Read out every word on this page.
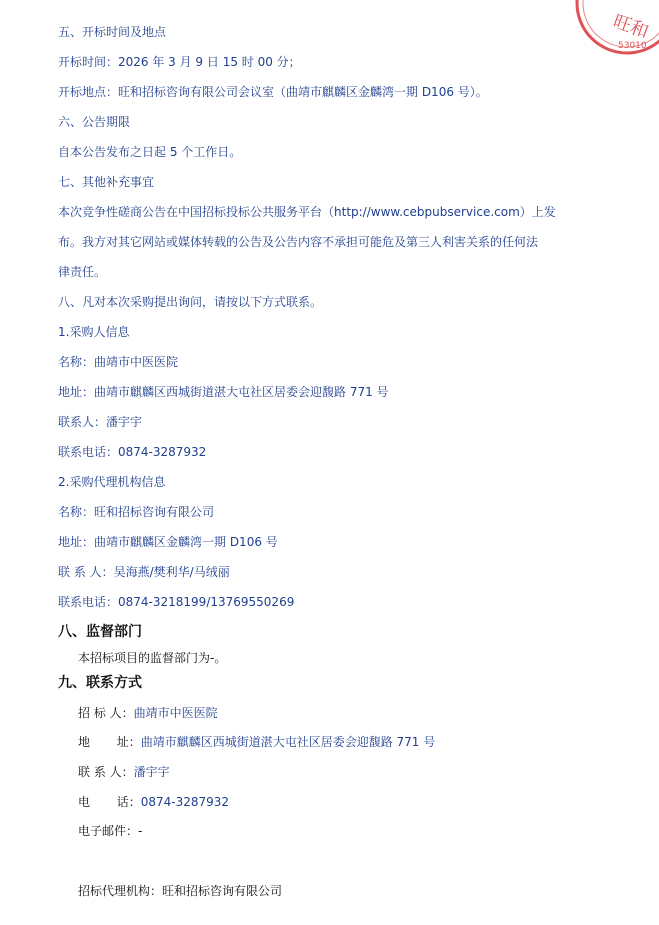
旺和
53010

五、开标时间及地点

开标时间：2026 年 3 月 9 日 15 时 00 分；

开标地点：旺和招标咨询有限公司会议室（曲靖市麒麟区金麟湾一期 D106 号）。

六、公告期限

自本公告发布之日起 5 个工作日。

七、其他补充事宜

本次竞争性磋商公告在中国招标投标公共服务平台（http://www.cebpubservice.com）上发

布。我方对其它网站或媒体转载的公告及公告内容不承担可能危及第三人利害关系的任何法

律责任。

八、凡对本次采购提出询问，请按以下方式联系。

1.采购人信息

名称：曲靖市中医医院

地址：曲靖市麒麟区西城街道湛大屯社区居委会迎馥路 771 号

联系人：潘宇宇

联系电话：0874-3287932

2.采购代理机构信息

名称：旺和招标咨询有限公司

地址：曲靖市麒麟区金麟湾一期 D106 号

联 系 人：吴海燕/樊利华/马绒丽

联系电话：0874-3218199/13769550269

八、监督部门

本招标项目的监督部门为-。

九、联系方式

招 标 人：曲靖市中医医院

地       址：曲靖市麒麟区西城街道湛大屯社区居委会迎馥路 771 号

联 系 人：潘宇宇

电       话：0874-3287932

电子邮件：-

招标代理机构：旺和招标咨询有限公司
